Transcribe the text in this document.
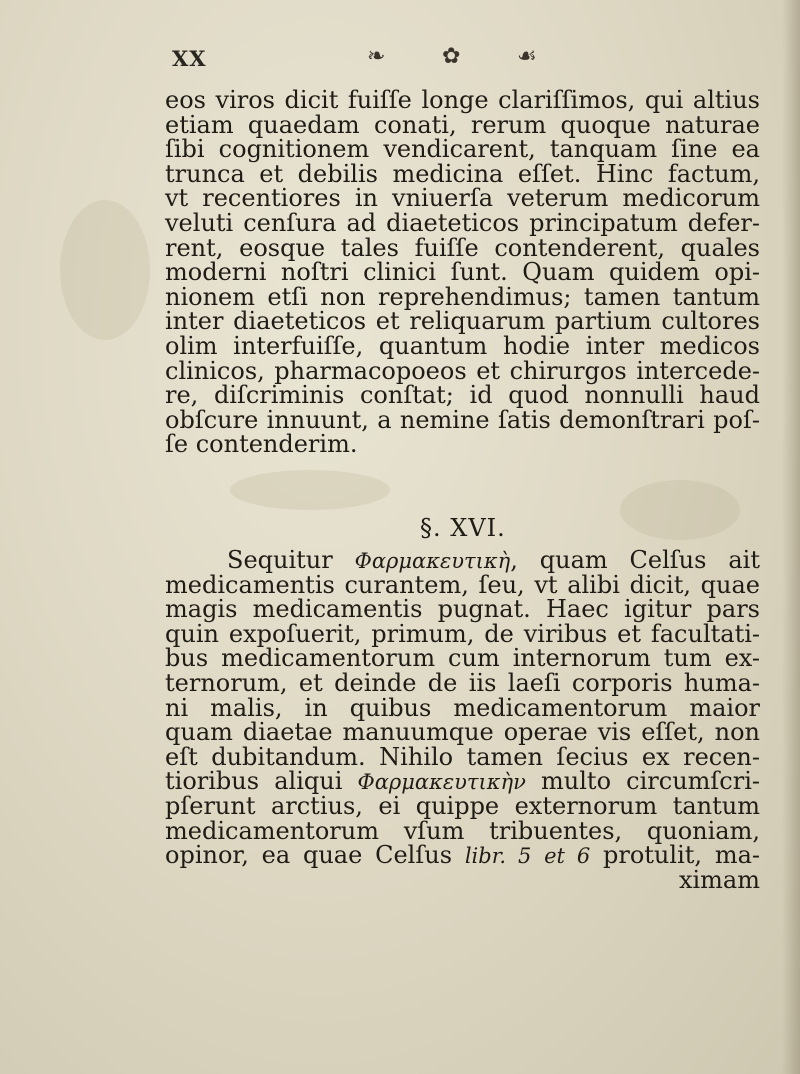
XX	❧	✿	☙
eos viros dicit fuiſſe longe clariſſimos, qui altius
etiam quaedam conati, rerum quoque naturae
ſibi cognitionem vendicarent, tanquam ſine ea
trunca et debilis medicina eſſet. Hinc factum,
vt recentiores in vniuerſa veterum medicorum
veluti cenſura ad diaeteticos principatum defer-
rent, eosque tales fuiſſe contenderent, quales
moderni noſtri clinici ſunt. Quam quidem opi-
nionem etſi non reprehendimus; tamen tantum
inter diaeteticos et reliquarum partium cultores
olim interfuiſſe, quantum hodie inter medicos
clinicos, pharmacopoeos et chirurgos intercede-
re, diſcriminis conſtat; id quod nonnulli haud
obſcure innuunt, a nemine ſatis demonſtrari poſ-
ſe contenderim.
§. XVI.
Sequitur Φαρμακευτικὴ, quam Celſus ait
medicamentis curantem, ſeu, vt alibi dicit, quae
magis medicamentis pugnat. Haec igitur pars
quin expoſuerit, primum, de viribus et facultati-
bus medicamentorum cum internorum tum ex-
ternorum, et deinde de iis laeſi corporis huma-
ni malis, in quibus medicamentorum maior
quam diaetae manuumque operae vis eſſet, non
eſt dubitandum. Nihilo tamen ſecius ex recen-
tioribus aliqui Φαρμακευτικὴν multo circumſcri-
pſerunt arctius, ei quippe externorum tantum
medicamentorum vſum tribuentes, quoniam,
opinor, ea quae Celſus libr. 5 et 6 protulit, ma-
ximam
